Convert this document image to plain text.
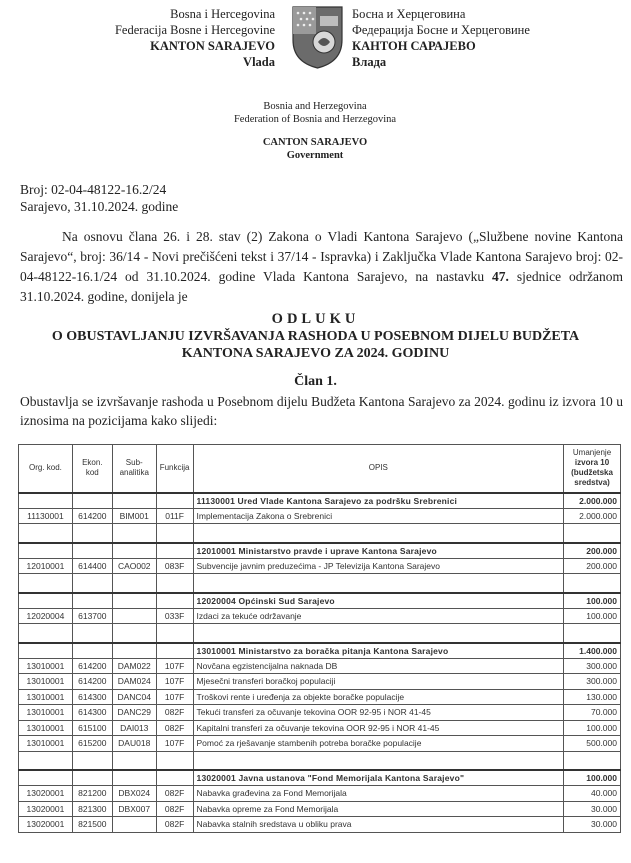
Bosna i Hercegovina
Federacija Bosne i Hercegovine
KANTON SARAJEVO
Vlada
Босна и Херцеговина
Федерација Босне и Херцеговине
КАНТОН САРАЈЕВО
Влада
Bosnia and Herzegovina
Federation of Bosnia and Herzegovina
CANTON SARAJEVO
Government
Broj: 02-04-48122-16.2/24
Sarajevo, 31.10.2024. godine

Na osnovu člana 26. i 28. stav (2) Zakona o Vladi Kantona Sarajevo („Službene novine Kantona Sarajevo“, broj: 36/14 - Novi prečišćeni tekst i 37/14 - Ispravka) i Zaključka Vlade Kantona Sarajevo broj: 02-04-48122-16.1/24 od 31.10.2024. godine Vlada Kantona Sarajevo, na nastavku 47. sjednice održanom 31.10.2024. godine, donijela je

ODLUKU
O OBUSTAVLJANJU IZVRŠAVANJA RASHODA U POSEBNOM DIJELU BUDŽETA
KANTONA SARAJEVO ZA 2024. GODINU
Član 1.

Obustavlja se izvršavanje rashoda u Posebnom dijelu Budžeta Kantona Sarajevo za 2024. godinu iz izvora 10 u iznosima na pozicijama kako slijedi:

Org. kod.	Ekon. kod	Sub-analitika	Funkcija	OPIS	Umanjenje
izvora 10
(budžetska sredstva)

				11130001 Ured Vlade Kantona Sarajevo za podršku Srebrenici	2.000.000
11130001	614200	BIM001	011F	Implementacija Zakona o Srebrenici	2.000.000

				12010001 Ministarstvo pravde i uprave Kantona Sarajevo	200.000
12010001	614400	CAO002	083F	Subvencije javnim preduzećima - JP Televizija Kantona Sarajevo	200.000

				12020004 Općinski Sud Sarajevo	100.000
12020004	613700		033F	Izdaci za tekuće održavanje	100.000

				13010001 Ministarstvo za boračka pitanja Kantona Sarajevo	1.400.000
13010001	614200	DAM022	107F	Novčana egzistencijalna naknada DB	300.000
13010001	614200	DAM024	107F	Mjesečni transferi boračkoj populaciji	300.000
13010001	614300	DANC04	107F	Troškovi rente i uređenja za objekte boračke populacije	130.000
13010001	614300	DANC29	082F	Tekući transferi za očuvanje tekovina OOR 92-95 i NOR 41-45	70.000
13010001	615100	DAI013	082F	Kapitalni transferi za očuvanje tekovina OOR 92-95 i NOR 41-45	100.000
13010001	615200	DAU018	107F	Pomoć za rješavanje stambenih potreba boračke populacije	500.000

				13020001 Javna ustanova "Fond Memorijala Kantona Sarajevo"	100.000
13020001	821200	DBX024	082F	Nabavka građevina za Fond Memorijala	40.000
13020001	821300	DBX007	082F	Nabavka opreme za Fond Memorijala	30.000
13020001	821500		082F	Nabavka stalnih sredstava u obliku prava	30.000
